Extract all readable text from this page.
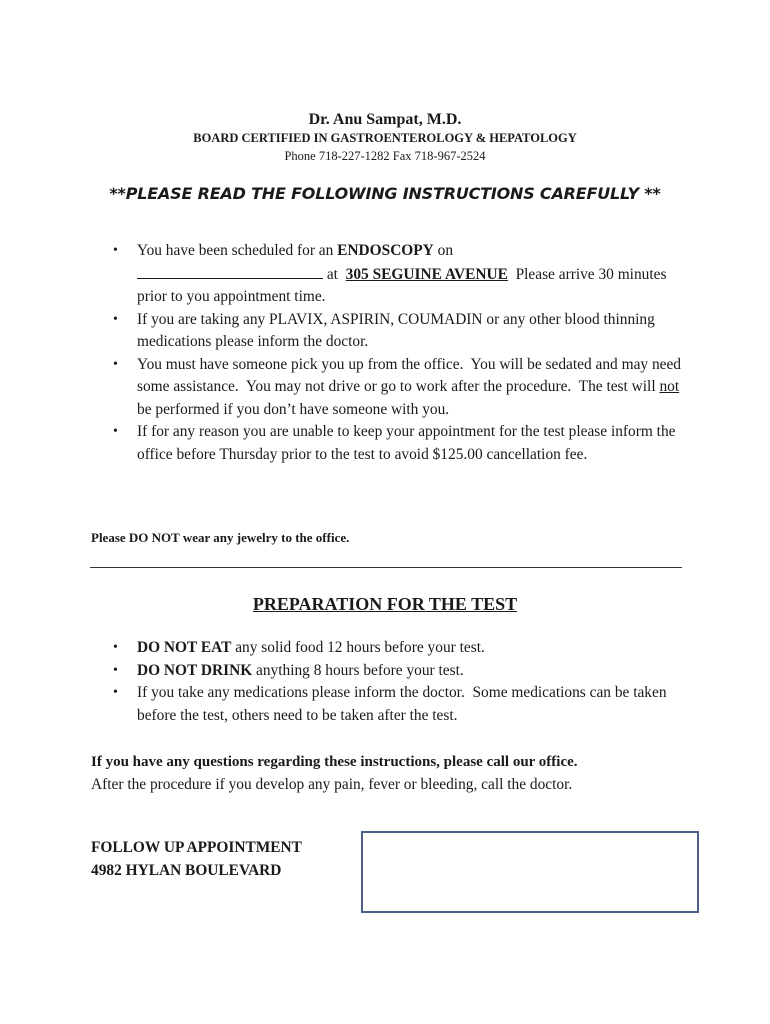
Dr. Anu Sampat, M.D.
BOARD CERTIFIED IN GASTROENTEROLOGY & HEPATOLOGY
Phone 718-227-1282 Fax 718-967-2524
**PLEASE READ THE FOLLOWING INSTRUCTIONS CAREFULLY **
• You have been scheduled for an ENDOSCOPY on
at  305 SEGUINE AVENUE  Please arrive 30 minutes prior to you appointment time.
• If you are taking any PLAVIX, ASPIRIN, COUMADIN or any other blood thinning medications please inform the doctor.
• You must have someone pick you up from the office.  You will be sedated and may need some assistance.  You may not drive or go to work after the procedure.  The test will not be performed if you don’t have someone with you.
• If for any reason you are unable to keep your appointment for the test please inform the office before Thursday prior to the test to avoid $125.00 cancellation fee.
Please DO NOT wear any jewelry to the office.
PREPARATION FOR THE TEST
• DO NOT EAT any solid food 12 hours before your test.
• DO NOT DRINK anything 8 hours before your test.
• If you take any medications please inform the doctor.  Some medications can be taken before the test, others need to be taken after the test.
If you have any questions regarding these instructions, please call our office.
After the procedure if you develop any pain, fever or bleeding, call the doctor.
FOLLOW UP APPOINTMENT
4982 HYLAN BOULEVARD
